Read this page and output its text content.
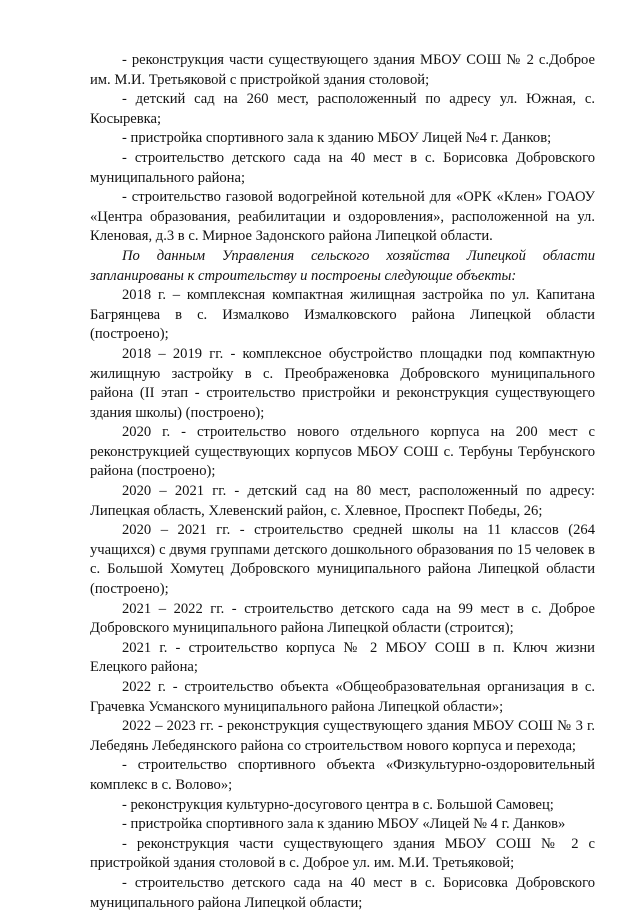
- реконструкция части существующего здания МБОУ СОШ № 2 с.Доброе им. М.И. Третьяковой с пристройкой здания столовой;

- детский сад на 260 мест, расположенный по адресу ул. Южная, с. Косыревка;

- пристройка спортивного зала к зданию МБОУ Лицей №4 г. Данков;

- строительство детского сада на 40 мест в с. Борисовка Добровского муниципального района;

- строительство газовой водогрейной котельной для «ОРК «Клен» ГОАОУ «Центра образования, реабилитации и оздоровления», расположенной на ул. Кленовая, д.3 в с. Мирное Задонского района Липецкой области.

По данным Управления сельского хозяйства Липецкой области запланированы к строительству и построены следующие объекты:

2018 г. – комплексная компактная жилищная застройка по ул. Капитана Багрянцева в с. Измалково Измалковского района Липецкой области (построено);

2018 – 2019 гг. - комплексное обустройство площадки под компактную жилищную застройку в с. Преображеновка Добровского муниципального района (II этап - строительство пристройки и реконструкция существующего здания школы) (построено);

2020 г. - строительство нового отдельного корпуса на 200 мест с реконструкцией существующих корпусов МБОУ СОШ с. Тербуны Тербунского района (построено);

2020 – 2021 гг. - детский сад на 80 мест, расположенный по адресу: Липецкая область, Хлевенский район, с. Хлевное, Проспект Победы, 26;

2020 – 2021 гг. - строительство средней школы на 11 классов (264 учащихся) с двумя группами детского дошкольного образования по 15 человек в с. Большой Хомутец Добровского муниципального района Липецкой области (построено);

2021 – 2022 гг. - строительство детского сада на 99 мест в с. Доброе Добровского муниципального района Липецкой области (строится);

2021 г. - строительство корпуса № 2 МБОУ СОШ в п. Ключ жизни Елецкого района;

2022 г. - строительство объекта «Общеобразовательная организация в с. Грачевка Усманского муниципального района Липецкой области»;

2022 – 2023 гг. - реконструкция существующего здания МБОУ СОШ № 3 г. Лебедянь Лебедянского района со строительством нового корпуса и перехода;

- строительство спортивного объекта «Физкультурно-оздоровительный комплекс в с. Волово»;

- реконструкция культурно-досугового центра в с. Большой Самовец;

- пристройка спортивного зала к зданию МБОУ «Лицей № 4 г. Данков»

- реконструкция части существующего здания МБОУ СОШ № 2 с пристройкой здания столовой в с. Доброе ул. им. М.И. Третьяковой;

- строительство детского сада на 40 мест в с. Борисовка Добровского муниципального района Липецкой области;
